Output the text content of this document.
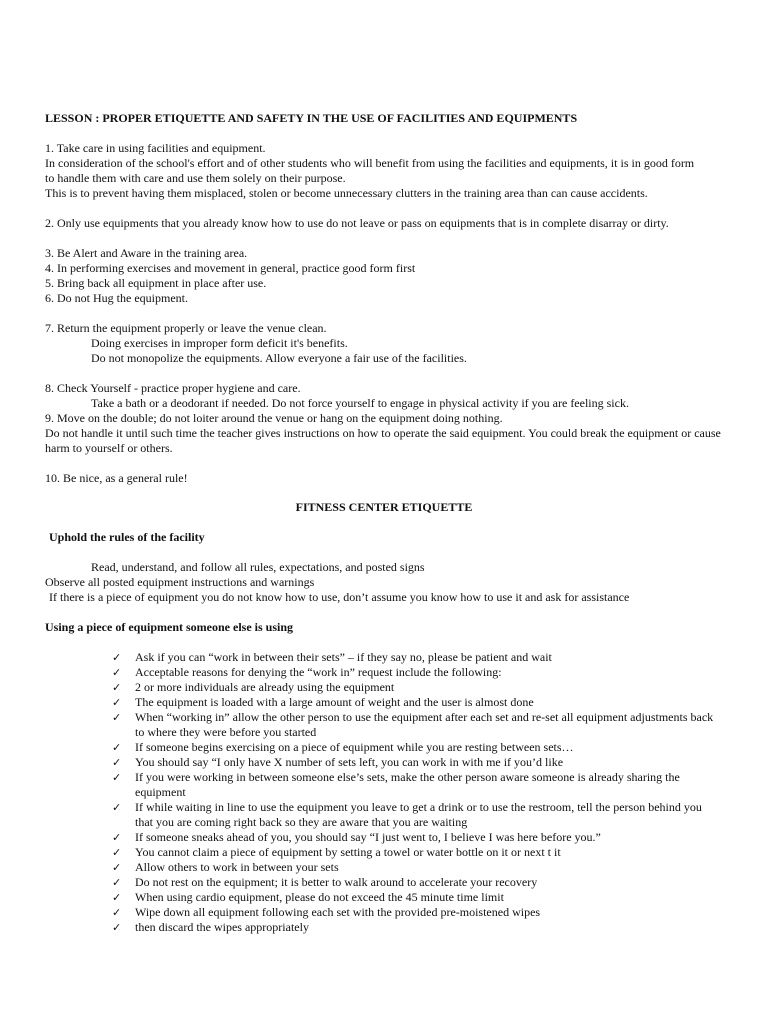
LESSON : PROPER ETIQUETTE AND SAFETY IN THE USE OF FACILITIES AND EQUIPMENTS
1. Take care in using facilities and equipment.
In consideration of the school's effort and of other students who will benefit from using the facilities and equipments, it is in good form to handle them with care and use them solely on their purpose.
This is to prevent having them misplaced, stolen or become unnecessary clutters in the training area than can cause accidents.
2. Only use equipments that you already know how to use do not leave or pass on equipments that is in complete disarray or dirty.
3. Be Alert and Aware in the training area.
4. In performing exercises and movement in general, practice good form first
5. Bring back all equipment in place after use.
6. Do not Hug the equipment.
7. Return the equipment properly or leave the venue clean.
Doing exercises in improper form deficit it's benefits.
Do not monopolize the equipments. Allow everyone a fair use of the facilities.
8. Check Yourself - practice proper hygiene and care.
Take a bath or a deodorant if needed. Do not force yourself to engage in physical activity if you are feeling sick.
9. Move on the double; do not loiter around the venue or hang on the equipment doing nothing.
Do not handle it until such time the teacher gives instructions on how to operate the said equipment. You could break the equipment or cause harm to yourself or others.
10. Be nice, as a general rule!
FITNESS CENTER ETIQUETTE
Uphold the rules of the facility
Read, understand, and follow all rules, expectations, and posted signs
Observe all posted equipment instructions and warnings
If there is a piece of equipment you do not know how to use, don’t assume you know how to use it and ask for assistance
Using a piece of equipment someone else is using
✓ Ask if you can “work in between their sets” – if they say no, please be patient and wait
✓ Acceptable reasons for denying the “work in” request include the following:
✓ 2 or more individuals are already using the equipment
✓ The equipment is loaded with a large amount of weight and the user is almost done
✓ When “working in” allow the other person to use the equipment after each set and re-set all equipment adjustments back to where they were before you started
✓ If someone begins exercising on a piece of equipment while you are resting between sets…
✓ You should say “I only have X number of sets left, you can work in with me if you’d like
✓ If you were working in between someone else’s sets, make the other person aware someone is already sharing the equipment
✓ If while waiting in line to use the equipment you leave to get a drink or to use the restroom, tell the person behind you that you are coming right back so they are aware that you are waiting
✓ If someone sneaks ahead of you, you should say “I just went to, I believe I was here before you.”
✓ You cannot claim a piece of equipment by setting a towel or water bottle on it or next t it
✓ Allow others to work in between your sets
✓ Do not rest on the equipment; it is better to walk around to accelerate your recovery
✓ When using cardio equipment, please do not exceed the 45 minute time limit
✓ Wipe down all equipment following each set with the provided pre-moistened wipes
✓ then discard the wipes appropriately
